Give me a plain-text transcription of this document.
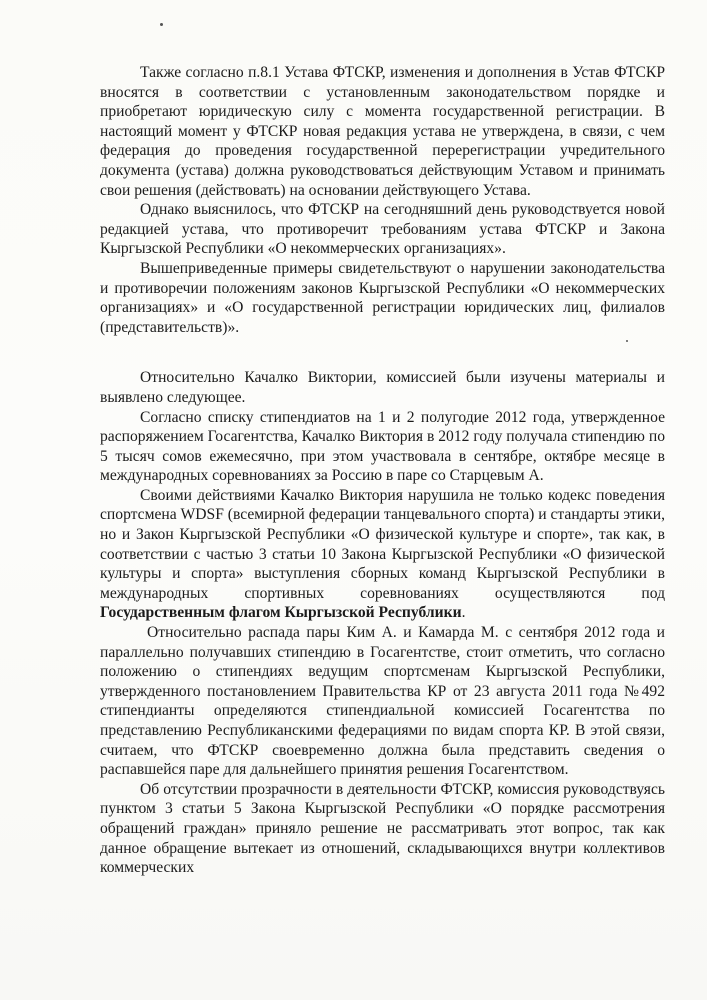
Также согласно п.8.1 Устава ФТСКР, изменения и дополнения в Устав ФТСКР вносятся в соответствии с установленным законодательством порядке и приобретают юридическую силу с момента государственной регистрации. В настоящий момент у ФТСКР новая редакция устава не утверждена, в связи, с чем федерация до проведения государственной перерегистрации учредительного документа (устава) должна руководствоваться действующим Уставом и принимать свои решения (действовать) на основании действующего Устава.

Однако выяснилось, что ФТСКР на сегодняшний день руководствуется новой редакцией устава, что противоречит требованиям устава ФТСКР и Закона Кыргызской Республики «О некоммерческих организациях».

Вышеприведенные примеры свидетельствуют о нарушении законодательства и противоречии положениям законов Кыргызской Республики «О некоммерческих организациях» и «О государственной регистрации юридических лиц, филиалов (представительств)».

Относительно Качалко Виктории, комиссией были изучены материалы и выявлено следующее.

Согласно списку стипендиатов на 1 и 2 полугодие 2012 года, утвержденное распоряжением Госагентства, Качалко Виктория в 2012 году получала стипендию по 5 тысяч сомов ежемесячно, при этом участвовала в сентябре, октябре месяце в международных соревнованиях за Россию в паре со Старцевым А.

Своими действиями Качалко Виктория нарушила не только кодекс поведения спортсмена WDSF (всемирной федерации танцевального спорта) и стандарты этики, но и Закон Кыргызской Республики «О физической культуре и спорте», так как, в соответствии с частью 3 статьи 10 Закона Кыргызской Республики «О физической культуры и спорта» выступления сборных команд Кыргызской Республики в международных спортивных соревнованиях осуществляются под Государственным флагом Кыргызской Республики.

Относительно распада пары Ким А. и Камарда М. с сентября 2012 года и параллельно получавших стипендию в Госагентстве, стоит отметить, что согласно положению о стипендиях ведущим спортсменам Кыргызской Республики, утвержденного постановлением Правительства КР от 23 августа 2011 года №492 стипендианты определяются стипендиальной комиссией Госагентства по представлению Республиканскими федерациями по видам спорта КР. В этой связи, считаем, что ФТСКР своевременно должна была представить сведения о распавшейся паре для дальнейшего принятия решения Госагентством.

Об отсутствии прозрачности в деятельности ФТСКР, комиссия руководствуясь пунктом 3 статьи 5 Закона Кыргызской Республики «О порядке рассмотрения обращений граждан» приняло решение не рассматривать этот вопрос, так как данное обращение вытекает из отношений, складывающихся внутри коллективов коммерческих
